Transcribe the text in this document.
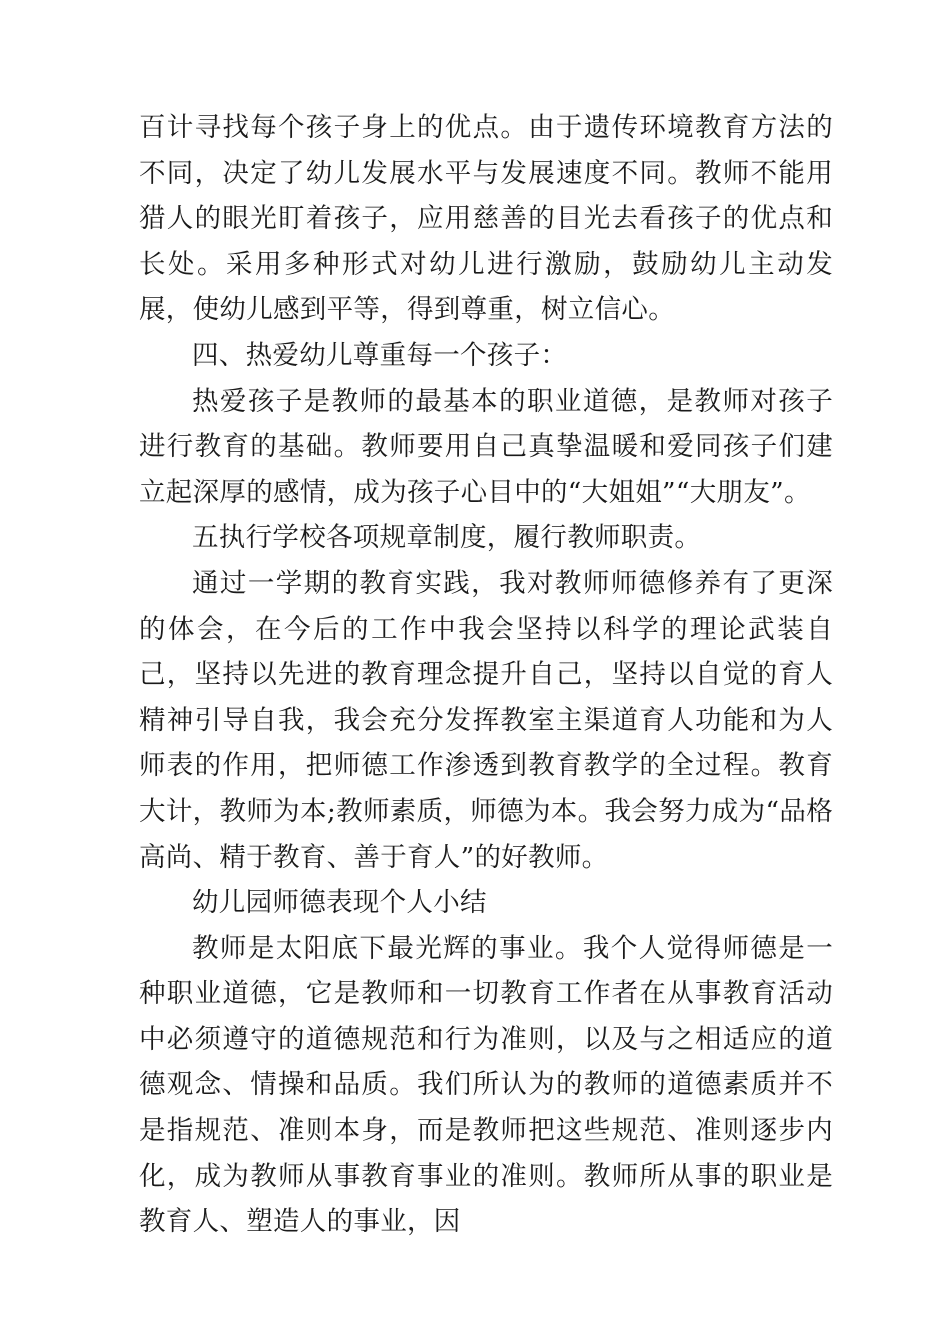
百计寻找每个孩子身上的优点。由于遗传环境教育方法的不同，决定了幼儿发展水平与发展速度不同。教师不能用猎人的眼光盯着孩子，应用慈善的目光去看孩子的优点和长处。采用多种形式对幼儿进行激励，鼓励幼儿主动发展，使幼儿感到平等，得到尊重，树立信心。

四、热爱幼儿尊重每一个孩子：

热爱孩子是教师的最基本的职业道德，是教师对孩子进行教育的基础。教师要用自己真挚温暖和爱同孩子们建立起深厚的感情，成为孩子心目中的“大姐姐”“大朋友”。

五执行学校各项规章制度，履行教师职责。

通过一学期的教育实践，我对教师师德修养有了更深的体会，在今后的工作中我会坚持以科学的理论武装自己，坚持以先进的教育理念提升自己，坚持以自觉的育人精神引导自我，我会充分发挥教室主渠道育人功能和为人师表的作用，把师德工作渗透到教育教学的全过程。教育大计，教师为本;教师素质，师德为本。我会努力成为“品格高尚、精于教育、善于育人”的好教师。

幼儿园师德表现个人小结

教师是太阳底下最光辉的事业。我个人觉得师德是一种职业道德，它是教师和一切教育工作者在从事教育活动中必须遵守的道德规范和行为准则，以及与之相适应的道德观念、情操和品质。我们所认为的教师的道德素质并不是指规范、准则本身，而是教师把这些规范、准则逐步内化，成为教师从事教育事业的准则。教师所从事的职业是教育人、塑造人的事业，因
